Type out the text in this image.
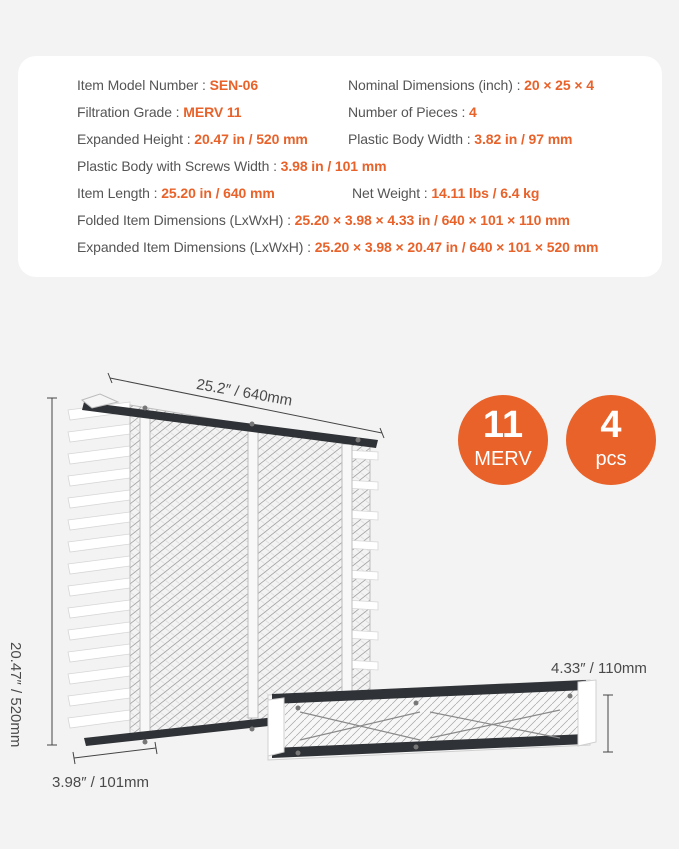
Item Model Number : SEN-06	Nominal Dimensions (inch) : 20 × 25 × 4
Filtration Grade : MERV 11	Number of Pieces : 4
Expanded Height : 20.47 in / 520 mm	Plastic Body Width : 3.82 in / 97 mm
Plastic Body with Screws Width : 3.98 in / 101 mm
Item Length : 25.20 in / 640 mm	Net Weight : 14.11 lbs / 6.4 kg
Folded Item Dimensions (LxWxH) : 25.20 × 3.98 × 4.33 in / 640 × 101 × 110 mm
Expanded Item Dimensions (LxWxH) : 25.20 × 3.98 × 20.47 in / 640 × 101 × 520 mm
25.2″ / 640mm
20.47″ / 520mm
3.98″ / 101mm
4.33″ / 110mm
11
MERV
4
pcs
